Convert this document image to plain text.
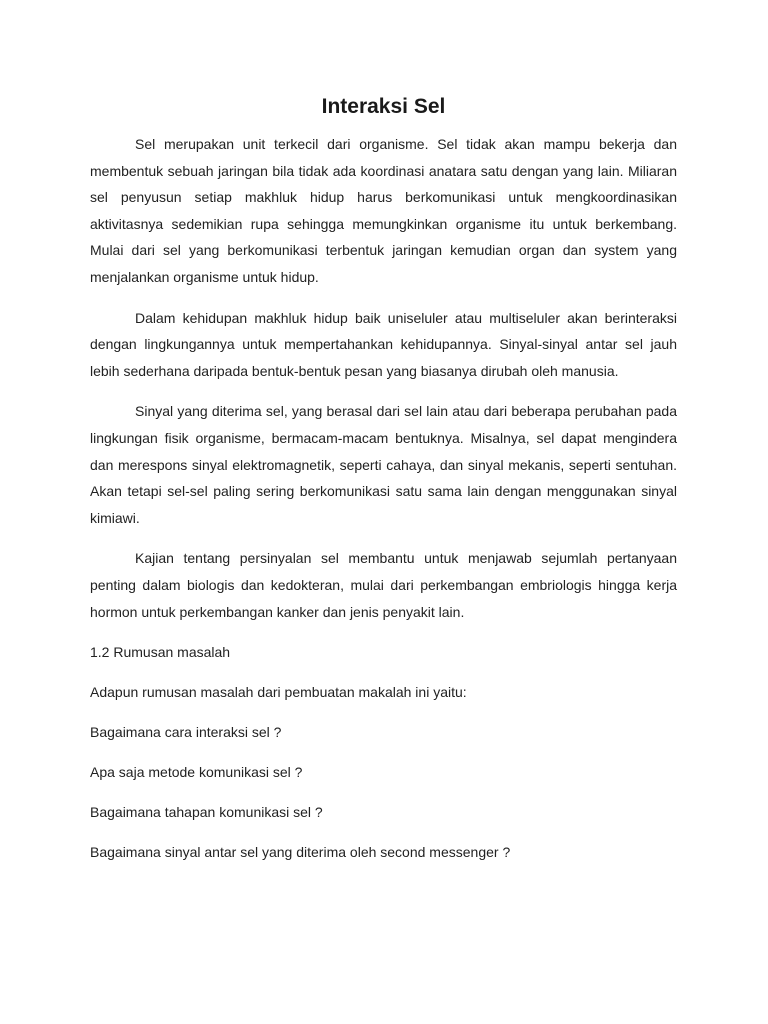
Interaksi Sel

Sel merupakan unit terkecil dari organisme. Sel tidak akan mampu bekerja dan membentuk sebuah jaringan bila tidak ada koordinasi anatara satu dengan yang lain. Miliaran sel penyusun setiap makhluk hidup harus berkomunikasi untuk mengkoordinasikan aktivitasnya sedemikian rupa sehingga memungkinkan organisme itu untuk berkembang. Mulai dari sel yang berkomunikasi terbentuk jaringan kemudian organ dan system yang menjalankan organisme untuk hidup.

Dalam kehidupan makhluk hidup baik uniseluler atau multiseluler akan berinteraksi dengan lingkungannya untuk mempertahankan kehidupannya. Sinyal-sinyal antar sel jauh lebih sederhana daripada bentuk-bentuk pesan yang biasanya dirubah oleh manusia.

Sinyal yang diterima sel, yang berasal dari sel lain atau dari beberapa perubahan pada lingkungan fisik organisme, bermacam-macam bentuknya. Misalnya, sel dapat mengindera dan merespons sinyal elektromagnetik, seperti cahaya, dan sinyal mekanis, seperti sentuhan. Akan tetapi sel-sel paling sering berkomunikasi satu sama lain dengan menggunakan sinyal kimiawi.

Kajian tentang persinyalan sel membantu untuk menjawab sejumlah pertanyaan penting dalam biologis dan kedokteran, mulai dari perkembangan embriologis hingga kerja hormon untuk perkembangan kanker dan jenis penyakit lain.

1.2 Rumusan masalah

Adapun rumusan masalah dari pembuatan makalah ini yaitu:

Bagaimana cara interaksi sel ?

Apa saja metode komunikasi sel ?

Bagaimana tahapan komunikasi sel ?

Bagaimana sinyal antar sel yang diterima oleh second messenger ?
